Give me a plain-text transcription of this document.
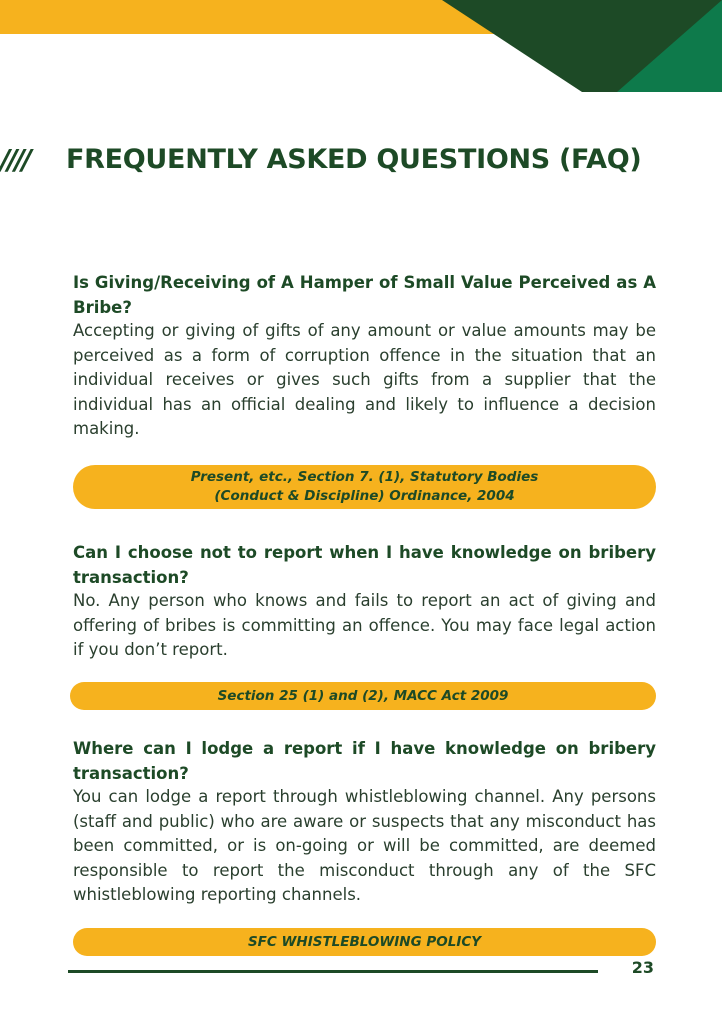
//// FREQUENTLY ASKED QUESTIONS (FAQ)

Is Giving/Receiving of A Hamper of Small Value Perceived as A Bribe?

Accepting or giving of gifts of any amount or value amounts may be perceived as a form of corruption offence in the situation that an individual receives or gives such gifts from a supplier that the individual has an official dealing and likely to influence a decision making.

Present, etc., Section 7. (1), Statutory Bodies
(Conduct & Discipline) Ordinance, 2004

Can I choose not to report when I have knowledge on bribery transaction?

No. Any person who knows and fails to report an act of giving and offering of bribes is committing an offence. You may face legal action if you don’t report.

Section 25 (1) and (2), MACC Act 2009

Where can I lodge a report if I have knowledge on bribery transaction?

You can lodge a report through whistleblowing channel. Any persons (staff and public) who are aware or suspects that any misconduct has been committed, or is on-going or will be committed, are deemed responsible to report the misconduct through any of the SFC whistleblowing reporting channels.

SFC WHISTLEBLOWING POLICY
23
